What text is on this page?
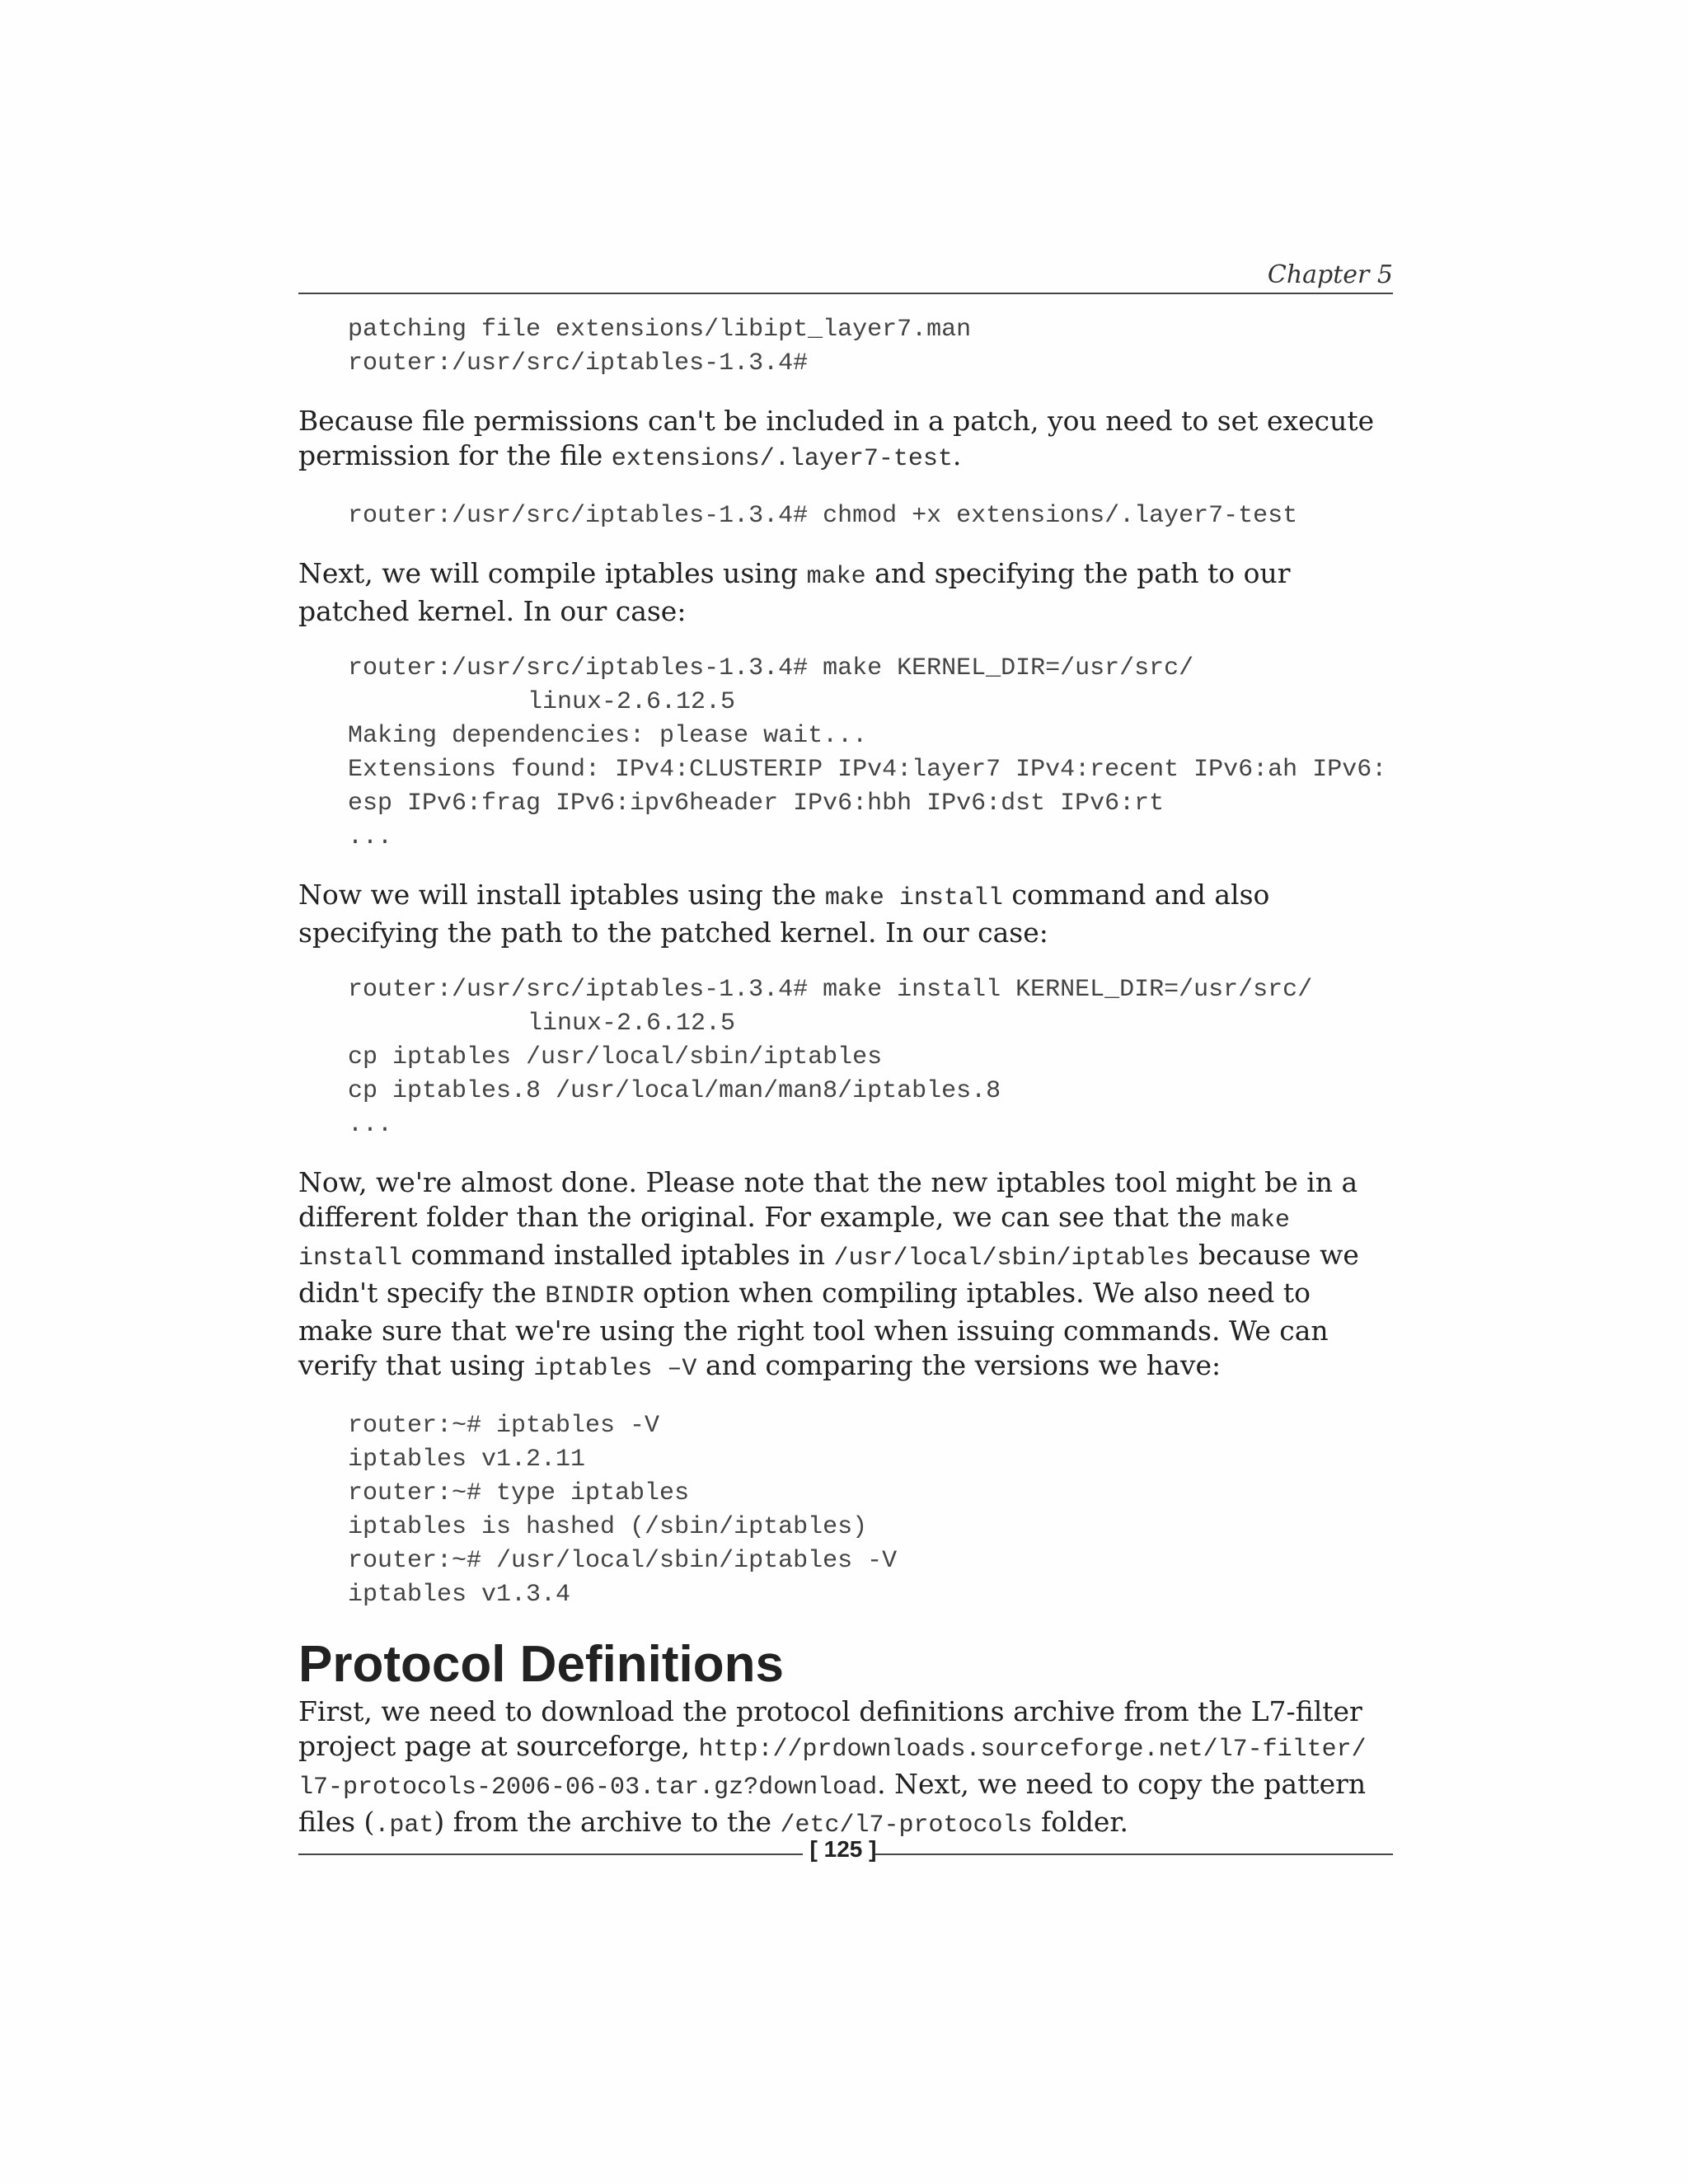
Chapter 5
patching file extensions/libipt_layer7.man
router:/usr/src/iptables-1.3.4#

Because file permissions can't be included in a patch, you need to set execute permission for the file extensions/.layer7-test.

router:/usr/src/iptables-1.3.4# chmod +x extensions/.layer7-test

Next, we will compile iptables using make and specifying the path to our patched kernel. In our case:

router:/usr/src/iptables-1.3.4# make KERNEL_DIR=/usr/src/
linux-2.6.12.5
Making dependencies: please wait...
Extensions found: IPv4:CLUSTERIP IPv4:layer7 IPv4:recent IPv6:ah IPv6:
esp IPv6:frag IPv6:ipv6header IPv6:hbh IPv6:dst IPv6:rt
...

Now we will install iptables using the make install command and also specifying the path to the patched kernel. In our case:

router:/usr/src/iptables-1.3.4# make install KERNEL_DIR=/usr/src/
linux-2.6.12.5
cp iptables /usr/local/sbin/iptables
cp iptables.8 /usr/local/man/man8/iptables.8
...

Now, we're almost done. Please note that the new iptables tool might be in a different folder than the original. For example, we can see that the make install command installed iptables in /usr/local/sbin/iptables because we didn't specify the BINDIR option when compiling iptables. We also need to make sure that we're using the right tool when issuing commands. We can verify that using iptables –V and comparing the versions we have:

router:~# iptables -V
iptables v1.2.11
router:~# type iptables
iptables is hashed (/sbin/iptables)
router:~# /usr/local/sbin/iptables -V
iptables v1.3.4
Protocol Definitions

First, we need to download the protocol definitions archive from the L7-filter project page at sourceforge, http://prdownloads.sourceforge.net/l7-filter/ l7-protocols-2006-06-03.tar.gz?download. Next, we need to copy the pattern files (.pat) from the archive to the /etc/l7-protocols folder.

[ 125 ]
